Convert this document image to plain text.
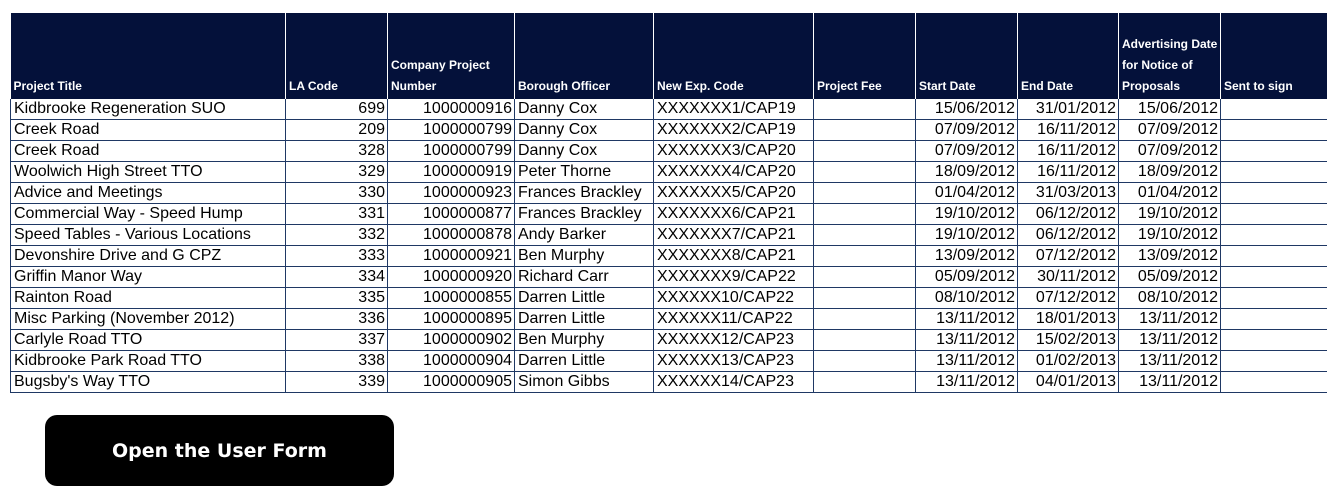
Project Title	LA Code	Company Project Number	Borough Officer	New Exp. Code	Project Fee	Start Date	End Date	Advertising Date for Notice of Proposals	Sent to sign
Kidbrooke Regeneration SUO	699	1000000916	Danny Cox	XXXXXXX1/CAP19		15/06/2012	31/01/2012	15/06/2012	
Creek Road	209	1000000799	Danny Cox	XXXXXXX2/CAP19		07/09/2012	16/11/2012	07/09/2012	
Creek Road	328	1000000799	Danny Cox	XXXXXXX3/CAP20		07/09/2012	16/11/2012	07/09/2012	
Woolwich High Street TTO	329	1000000919	Peter Thorne	XXXXXXX4/CAP20		18/09/2012	16/11/2012	18/09/2012	
Advice and Meetings	330	1000000923	Frances Brackley	XXXXXXX5/CAP20		01/04/2012	31/03/2013	01/04/2012	
Commercial Way - Speed Hump	331	1000000877	Frances Brackley	XXXXXXX6/CAP21		19/10/2012	06/12/2012	19/10/2012	
Speed Tables - Various Locations	332	1000000878	Andy Barker	XXXXXXX7/CAP21		19/10/2012	06/12/2012	19/10/2012	
Devonshire Drive and G CPZ	333	1000000921	Ben Murphy	XXXXXXX8/CAP21		13/09/2012	07/12/2012	13/09/2012	
Griffin Manor Way	334	1000000920	Richard Carr	XXXXXXX9/CAP22		05/09/2012	30/11/2012	05/09/2012	
Rainton Road	335	1000000855	Darren Little	XXXXXX10/CAP22		08/10/2012	07/12/2012	08/10/2012	
Misc Parking (November 2012)	336	1000000895	Darren Little	XXXXXX11/CAP22		13/11/2012	18/01/2013	13/11/2012	
Carlyle Road TTO	337	1000000902	Ben Murphy	XXXXXX12/CAP23		13/11/2012	15/02/2013	13/11/2012	
Kidbrooke Park Road TTO	338	1000000904	Darren Little	XXXXXX13/CAP23		13/11/2012	01/02/2013	13/11/2012	
Bugsby's Way TTO	339	1000000905	Simon Gibbs	XXXXXX14/CAP23		13/11/2012	04/01/2013	13/11/2012	
Open the User Form
